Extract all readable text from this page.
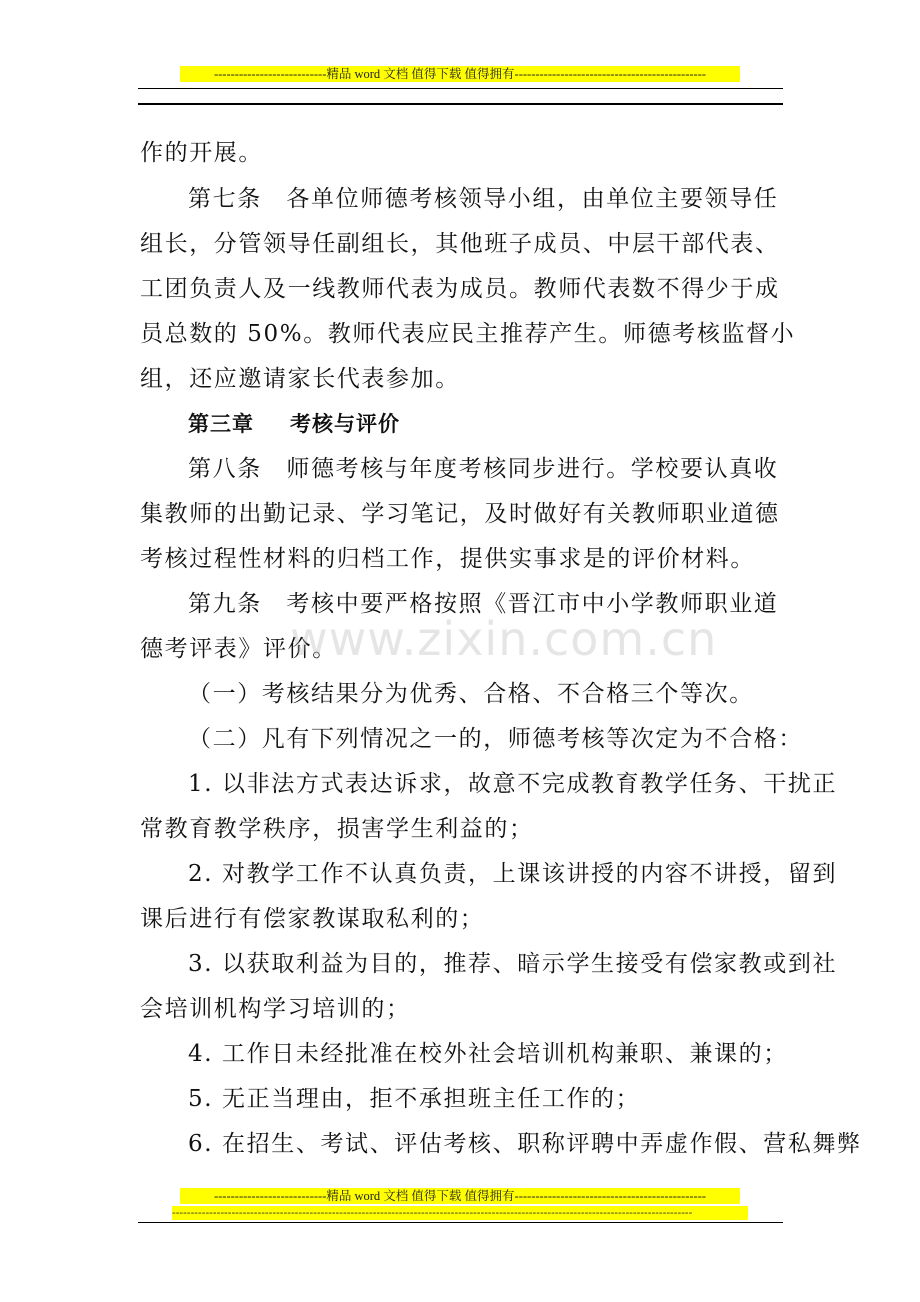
---------------------------精品 word 文档 值得下载 值得拥有----------------------------------------------

作的开展。

第七条　各单位师德考核领导小组，由单位主要领导任

组长，分管领导任副组长，其他班子成员、中层干部代表、

工团负责人及一线教师代表为成员。教师代表数不得少于成

员总数的 50%。教师代表应民主推荐产生。师德考核监督小

组，还应邀请家长代表参加。

第三章 考核与评价

第八条　师德考核与年度考核同步进行。学校要认真收

集教师的出勤记录、学习笔记，及时做好有关教师职业道德

考核过程性材料的归档工作，提供实事求是的评价材料。

第九条　考核中要严格按照《晋江市中小学教师职业道

德考评表》评价。

（一）考核结果分为优秀、合格、不合格三个等次。

（二）凡有下列情况之一的，师德考核等次定为不合格：

1. 以非法方式表达诉求，故意不完成教育教学任务、干扰正

常教育教学秩序，损害学生利益的；

2. 对教学工作不认真负责，上课该讲授的内容不讲授，留到

课后进行有偿家教谋取私利的；

3. 以获取利益为目的，推荐、暗示学生接受有偿家教或到社

会培训机构学习培训的；

4. 工作日未经批准在校外社会培训机构兼职、兼课的；

5. 无正当理由，拒不承担班主任工作的；

6. 在招生、考试、评估考核、职称评聘中弄虚作假、营私舞弊

www.zixin.com.cn
---------------------------精品 word 文档 值得下载 值得拥有----------------------------------------------
--------------------------------------------------------------------------------------------------------------------------------------------
